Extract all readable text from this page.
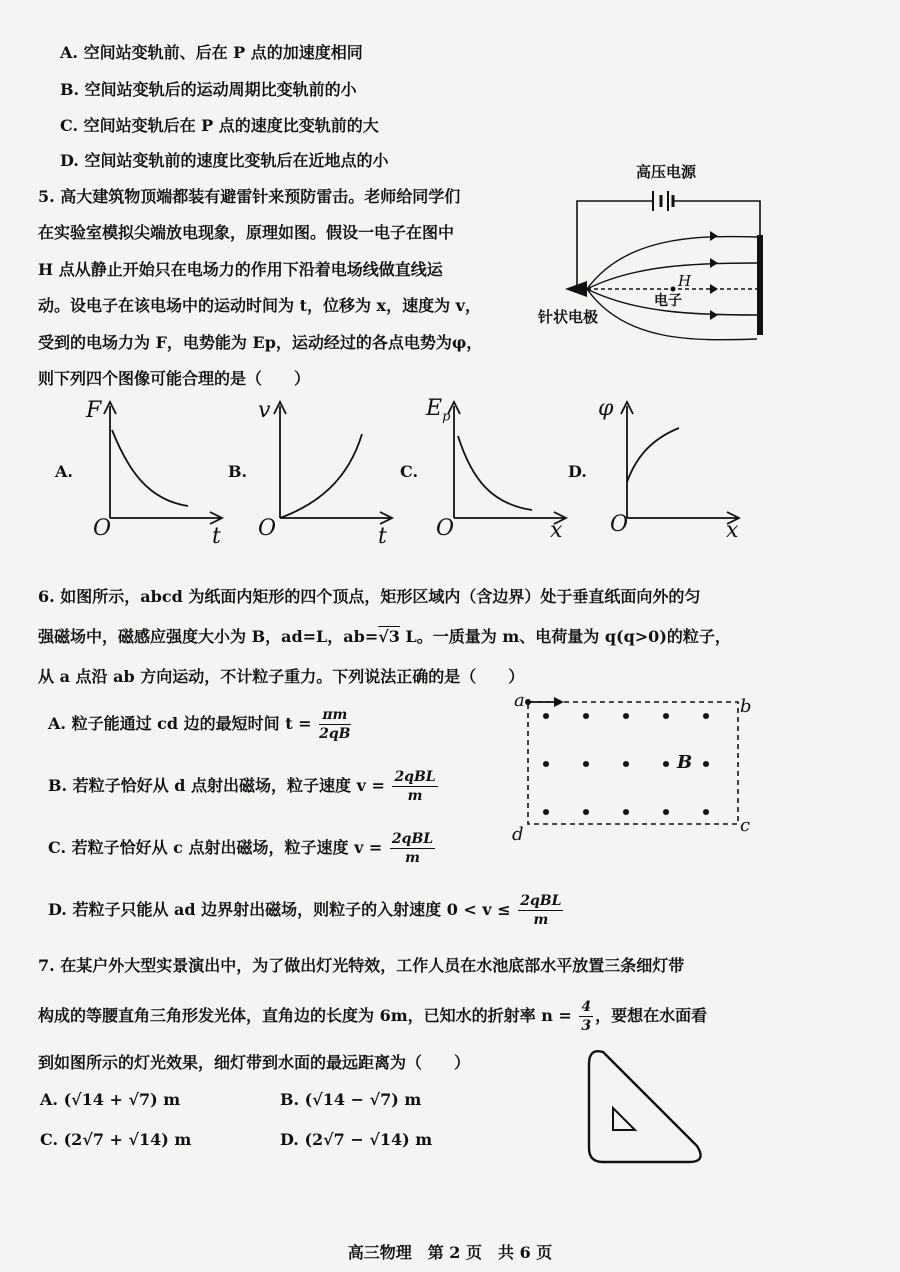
A. 空间站变轨前、后在 P 点的加速度相同
B. 空间站变轨后的运动周期比变轨前的小
C. 空间站变轨后在 P 点的速度比变轨前的大
D. 空间站变轨前的速度比变轨后在近地点的小
5. 高大建筑物顶端都装有避雷针来预防雷击。老师给同学们
在实验室模拟尖端放电现象，原理如图。假设一电子在图中
H 点从静止开始只在电场力的作用下沿着电场线做直线运
动。设电子在该电场中的运动时间为 t，位移为 x，速度为 v，
受到的电场力为 F，电势能为 Ep，运动经过的各点电势为φ，
则下列四个图像可能合理的是（　　）
高压电源
针状电极
H
电子
A.	B.	C.	D.
F
O	t
v
O	t
$E_p$
O	x
φ
O	x
6. 如图所示，abcd 为纸面内矩形的四个顶点，矩形区域内（含边界）处于垂直纸面向外的匀
强磁场中，磁感应强度大小为 B，ad=L，ab=√3 L。一质量为 m、电荷量为 q(q>0)的粒子，
从 a 点沿 ab 方向运动，不计粒子重力。下列说法正确的是（　　）
A. 粒子能通过 cd 边的最短时间 $t = \frac{\pi m}{2qB}$
B. 若粒子恰好从 d 点射出磁场，粒子速度 $v = \frac{\text{2qBL}}{m}$
C. 若粒子恰好从 c 点射出磁场，粒子速度 $v = \frac{\text{2qBL}}{m}$
D. 若粒子只能从 ad 边界射出磁场，则粒子的入射速度 $0 < v \le \frac{\text{2qBL}}{m}$
a	b
c
d
B
7. 在某户外大型实景演出中，为了做出灯光特效，工作人员在水池底部水平放置三条细灯带
构成的等腰直角三角形发光体，直角边的长度为 6m，已知水的折射率 $n = \frac{4}{3}$ ，要想在水面看
到如图所示的灯光效果，细灯带到水面的最远距离为（　　）
A. (√14 + √7) m	B. (√14 − √7) m
C. (2√7 + √14) m	D. (2√7 − √14) m
高三物理 第 2 页 共 6 页
